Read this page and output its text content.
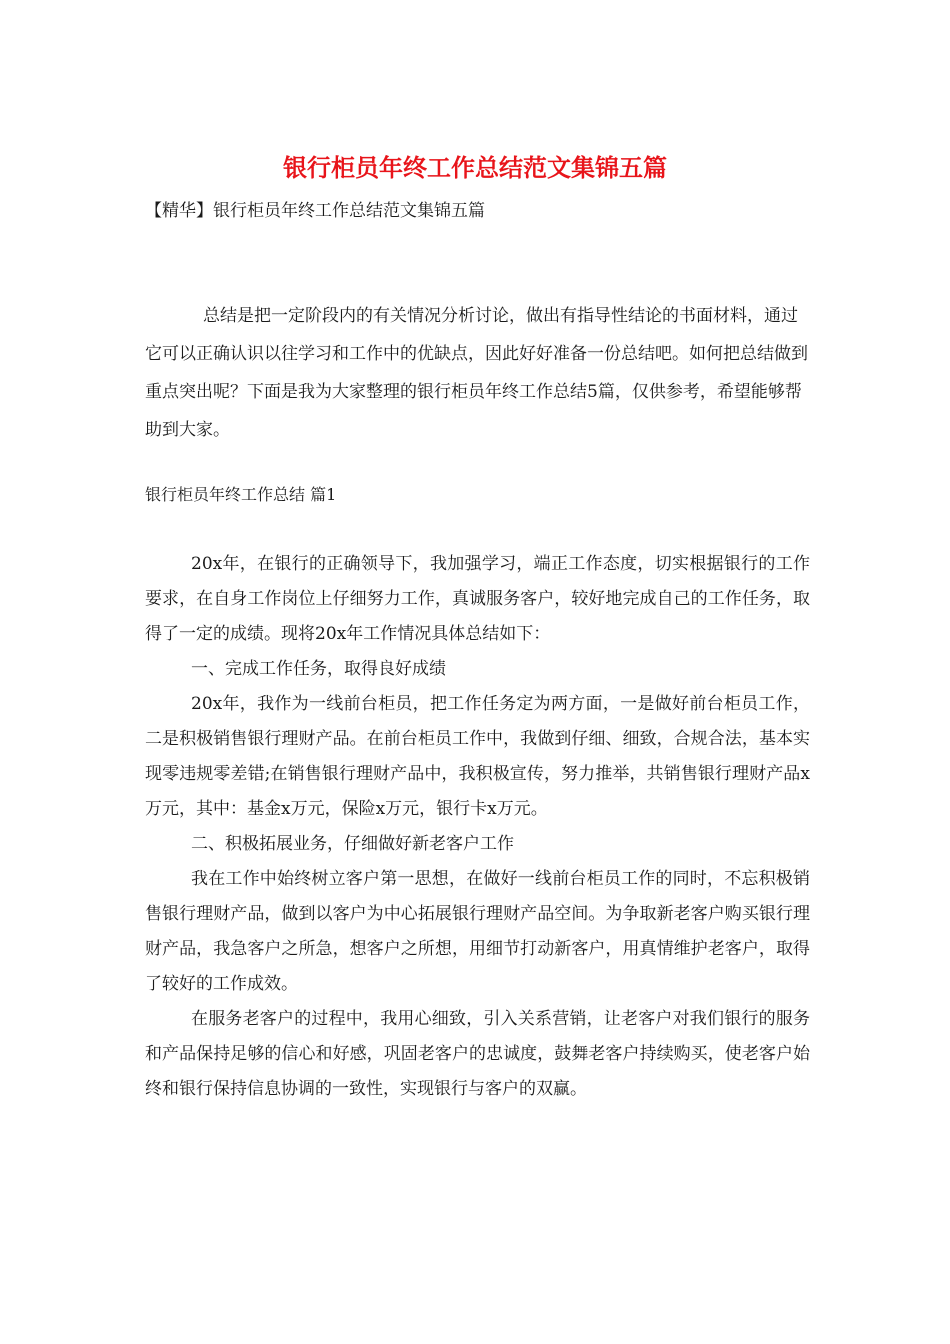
银行柜员年终工作总结范文集锦五篇

【精华】银行柜员年终工作总结范文集锦五篇

总结是把一定阶段内的有关情况分析讨论，做出有指导性结论的书面材料，通过它可以正确认识以往学习和工作中的优缺点，因此好好准备一份总结吧。如何把总结做到重点突出呢？下面是我为大家整理的银行柜员年终工作总结5篇，仅供参考，希望能够帮助到大家。

银行柜员年终工作总结 篇1

20x年，在银行的正确领导下，我加强学习，端正工作态度，切实根据银行的工作要求，在自身工作岗位上仔细努力工作，真诚服务客户，较好地完成自己的工作任务，取得了一定的成绩。现将20x年工作情况具体总结如下：

一、完成工作任务，取得良好成绩

20x年，我作为一线前台柜员，把工作任务定为两方面，一是做好前台柜员工作，二是积极销售银行理财产品。在前台柜员工作中，我做到仔细、细致，合规合法，基本实现零违规零差错;在销售银行理财产品中，我积极宣传，努力推举，共销售银行理财产品x万元，其中：基金x万元，保险x万元，银行卡x万元。

二、积极拓展业务，仔细做好新老客户工作

我在工作中始终树立客户第一思想，在做好一线前台柜员工作的同时，不忘积极销售银行理财产品，做到以客户为中心拓展银行理财产品空间。为争取新老客户购买银行理财产品，我急客户之所急，想客户之所想，用细节打动新客户，用真情维护老客户，取得了较好的工作成效。

在服务老客户的过程中，我用心细致，引入关系营销，让老客户对我们银行的服务和产品保持足够的信心和好感，巩固老客户的忠诚度，鼓舞老客户持续购买，使老客户始终和银行保持信息协调的一致性，实现银行与客户的双赢。
